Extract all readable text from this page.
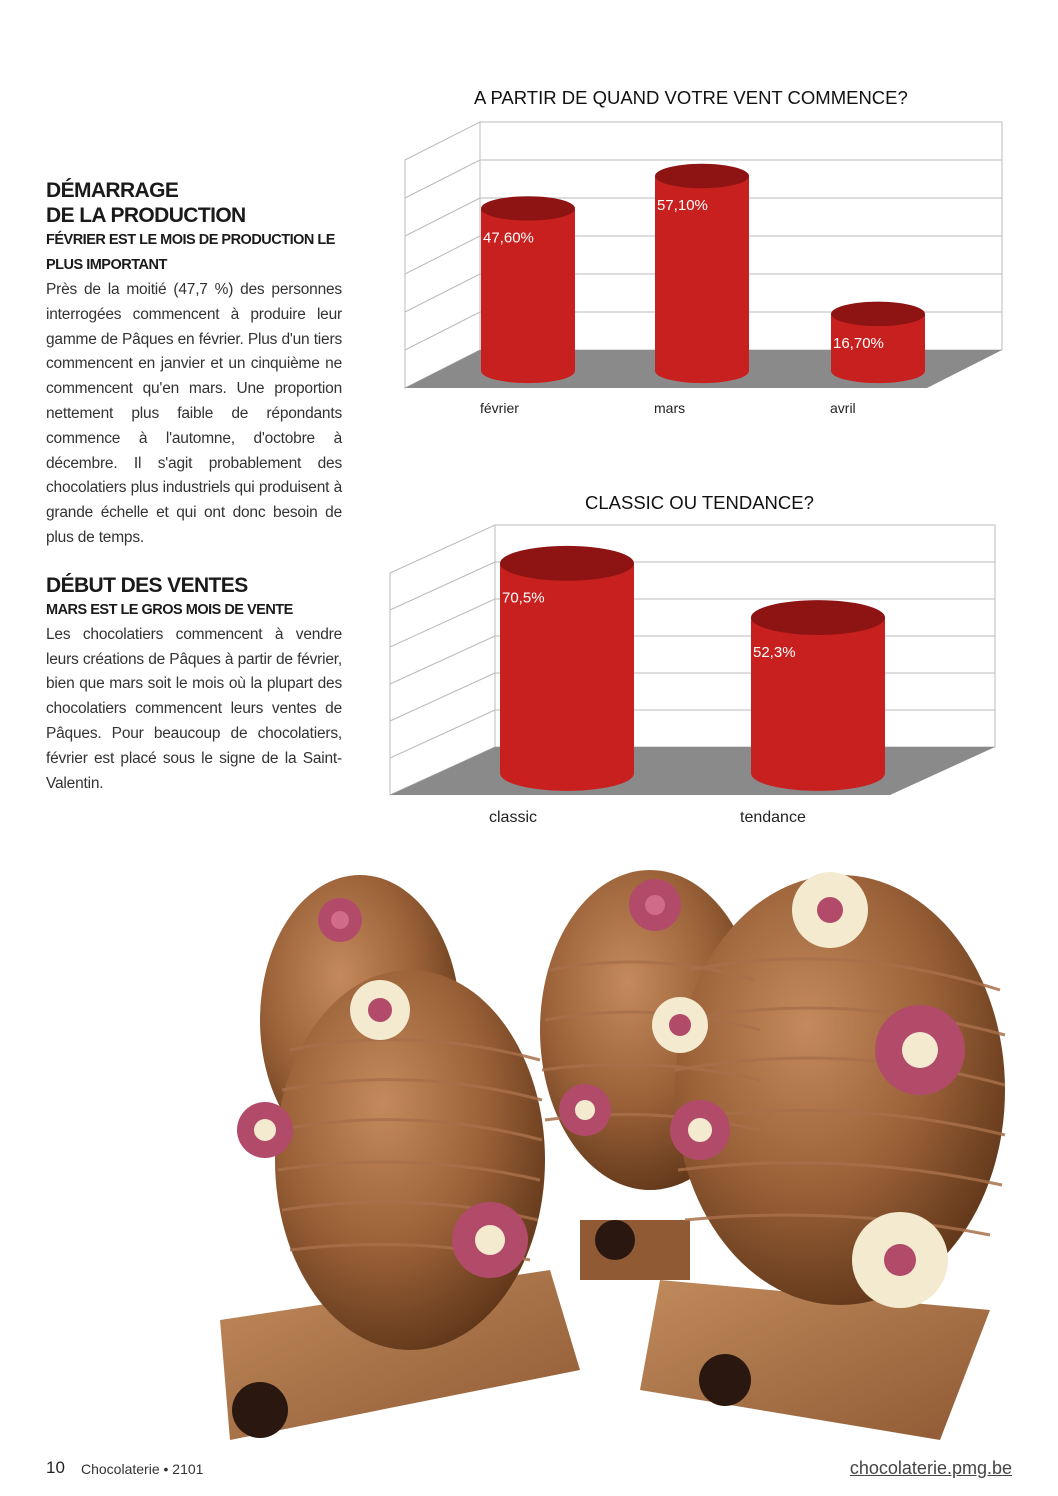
DÉMARRAGE
DE LA PRODUCTION
FÉVRIER EST LE MOIS DE PRODUCTION LE PLUS IMPORTANT
Près de la moitié (47,7 %) des personnes interrogées commencent à produire leur gamme de Pâques en février. Plus d'un tiers commencent en janvier et un cinquième ne commencent qu'en mars. Une proportion nettement plus faible de répondants commence à l'automne, d'octobre à décembre. Il s'agit probablement des chocolatiers plus industriels qui produisent à grande échelle et qui ont donc besoin de plus de temps.
DÉBUT DES VENTES
MARS EST LE GROS MOIS DE VENTE
Les chocolatiers commencent à vendre leurs créations de Pâques à partir de février, bien que mars soit le mois où la plupart des chocolatiers commencent leurs ventes de Pâques. Pour beaucoup de chocolatiers, février est placé sous le signe de la Saint-Valentin.
A PARTIR DE QUAND VOTRE VENT COMMENCE?
47,60%
février
57,10%
mars
16,70%
avril
CLASSIC OU TENDANCE?
70,5%
classic
52,3%
tendance
10 Chocolaterie • 2101	chocolaterie.pmg.be
